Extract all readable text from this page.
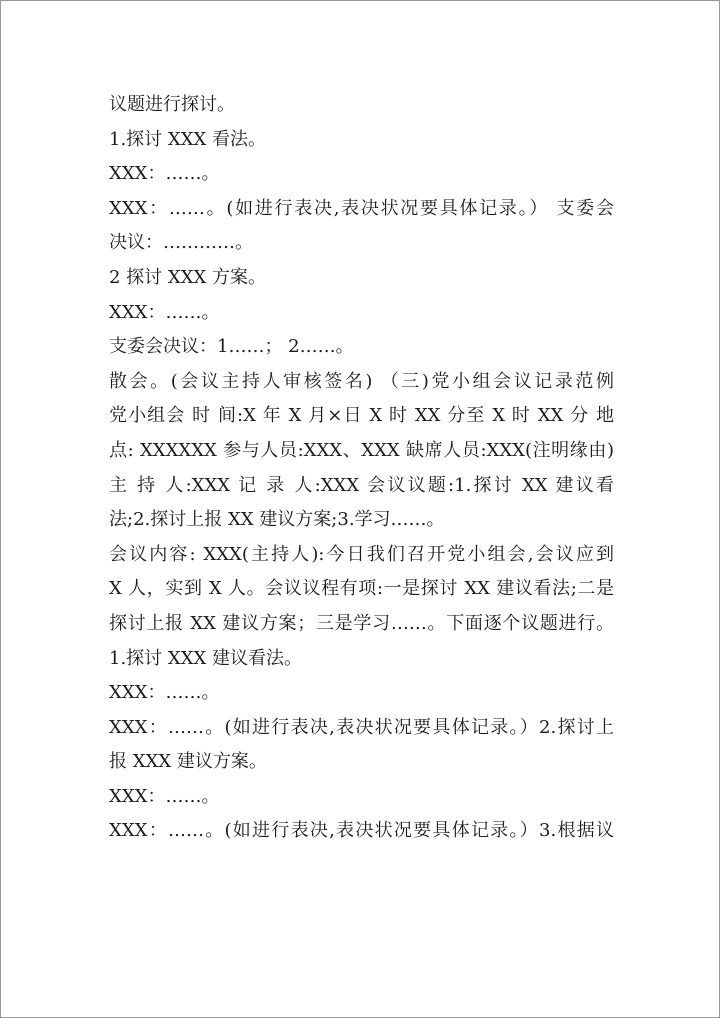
议题进行探讨。
1.探讨 XXX 看法。
XXX：……。
XXX：……。(如进行表决,表决状况要具体记录。） 支委会
决议：…………。
2 探讨 XXX 方案。
XXX：……。
支委会决议：1……； 2……。
散会。(会议主持人审核签名) （三)党小组会议记录范例
党小组会 时 间:X 年 X 月×日 X 时 XX 分至 X 时 XX 分 地
点: XXXXXX 参与人员:XXX、XXX 缺席人员:XXX(注明缘由)
主 持 人:XXX 记 录 人:XXX 会议议题:1.探讨 XX 建议看
法;2.探讨上报 XX 建议方案;3.学习……。
会议内容: XXX(主持人):今日我们召开党小组会,会议应到
X 人，实到 X 人。会议议程有项:一是探讨 XX 建议看法;二是
探讨上报 XX 建议方案；三是学习……。下面逐个议题进行。
1.探讨 XXX 建议看法。
XXX：……。
XXX：……。(如进行表决,表决状况要具体记录。）2.探讨上
报 XXX 建议方案。
XXX：……。
XXX：……。(如进行表决,表决状况要具体记录。）3.根据议
